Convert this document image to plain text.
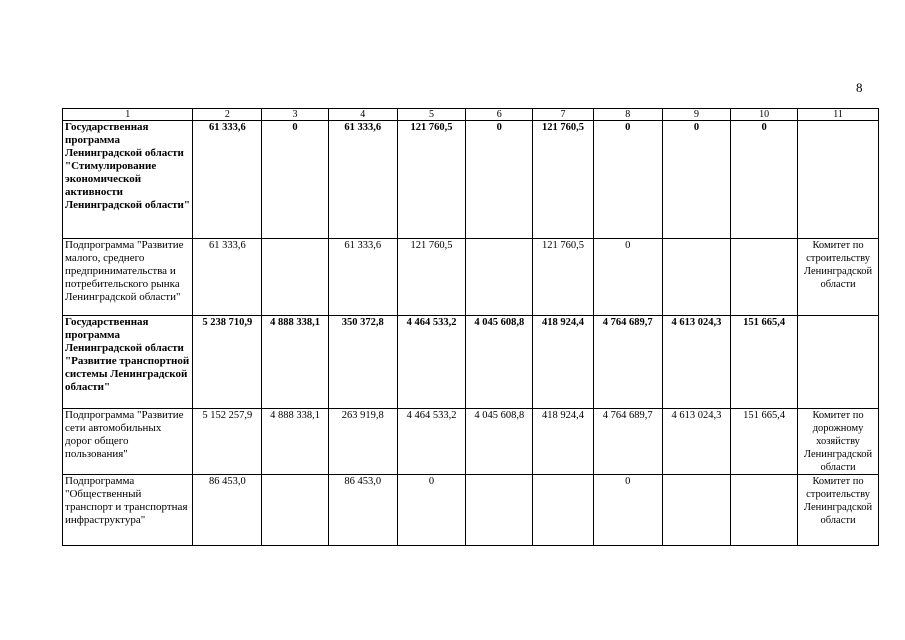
8
1	2	3	4	5	6	7	8	9	10	11
Государственная программа Ленинградской области "Стимулирование экономической активности Ленинградской области"	61 333,6	0	61 333,6	121 760,5	0	121 760,5	0	0	0	
Подпрограмма "Развитие малого, среднего предпринимательства и потребительского рынка Ленинградской области"	61 333,6		61 333,6	121 760,5		121 760,5	0			Комитет по строительству Ленинградской области
Государственная программа Ленинградской области "Развитие транспортной системы Ленинградской области"	5 238 710,9	4 888 338,1	350 372,8	4 464 533,2	4 045 608,8	418 924,4	4 764 689,7	4 613 024,3	151 665,4	
Подпрограмма "Развитие сети автомобильных дорог общего пользования"	5 152 257,9	4 888 338,1	263 919,8	4 464 533,2	4 045 608,8	418 924,4	4 764 689,7	4 613 024,3	151 665,4	Комитет по дорожному хозяйству Ленинградской области
Подпрограмма "Общественный транспорт и транспортная инфраструктура"	86 453,0		86 453,0	0			0			Комитет по строительству Ленинградской области
